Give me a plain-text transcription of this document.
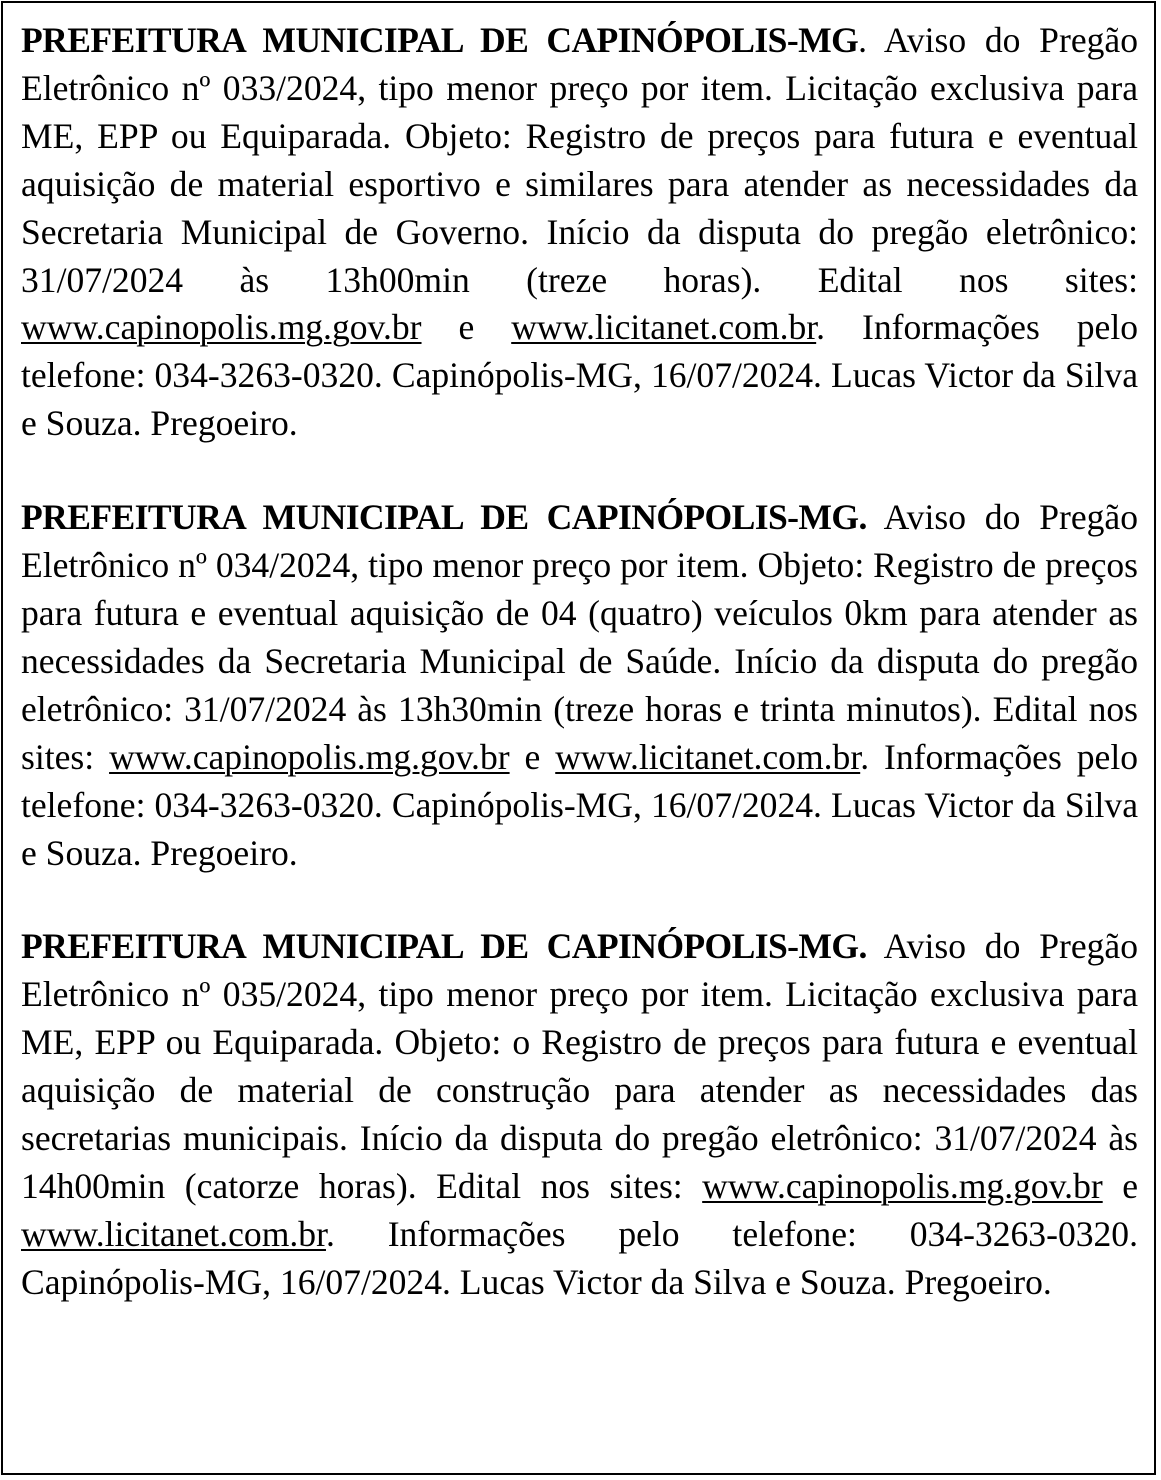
PREFEITURA MUNICIPAL DE CAPINÓPOLIS-MG. Aviso do Pregão Eletrônico nº 033/2024, tipo menor preço por item. Licitação exclusiva para ME, EPP ou Equiparada. Objeto: Registro de preços para futura e eventual aquisição de material esportivo e similares para atender as necessidades da Secretaria Municipal de Governo. Início da disputa do pregão eletrônico: 31/07/2024 às 13h00min (treze horas). Edital nos sites: www.capinopolis.mg.gov.br e www.licitanet.com.br. Informações pelo telefone: 034-3263-0320. Capinópolis-MG, 16/07/2024. Lucas Victor da Silva e Souza. Pregoeiro.

PREFEITURA MUNICIPAL DE CAPINÓPOLIS-MG. Aviso do Pregão Eletrônico nº 034/2024, tipo menor preço por item. Objeto: Registro de preços para futura e eventual aquisição de 04 (quatro) veículos 0km para atender as necessidades da Secretaria Municipal de Saúde. Início da disputa do pregão eletrônico: 31/07/2024 às 13h30min (treze horas e trinta minutos). Edital nos sites: www.capinopolis.mg.gov.br e www.licitanet.com.br. Informações pelo telefone: 034-3263-0320. Capinópolis-MG, 16/07/2024. Lucas Victor da Silva e Souza. Pregoeiro.

PREFEITURA MUNICIPAL DE CAPINÓPOLIS-MG. Aviso do Pregão Eletrônico nº 035/2024, tipo menor preço por item. Licitação exclusiva para ME, EPP ou Equiparada. Objeto: o Registro de preços para futura e eventual aquisição de material de construção para atender as necessidades das secretarias municipais. Início da disputa do pregão eletrônico: 31/07/2024 às 14h00min (catorze horas). Edital nos sites: www.capinopolis.mg.gov.br e www.licitanet.com.br. Informações pelo telefone: 034-3263-0320. Capinópolis-MG, 16/07/2024. Lucas Victor da Silva e Souza. Pregoeiro.
